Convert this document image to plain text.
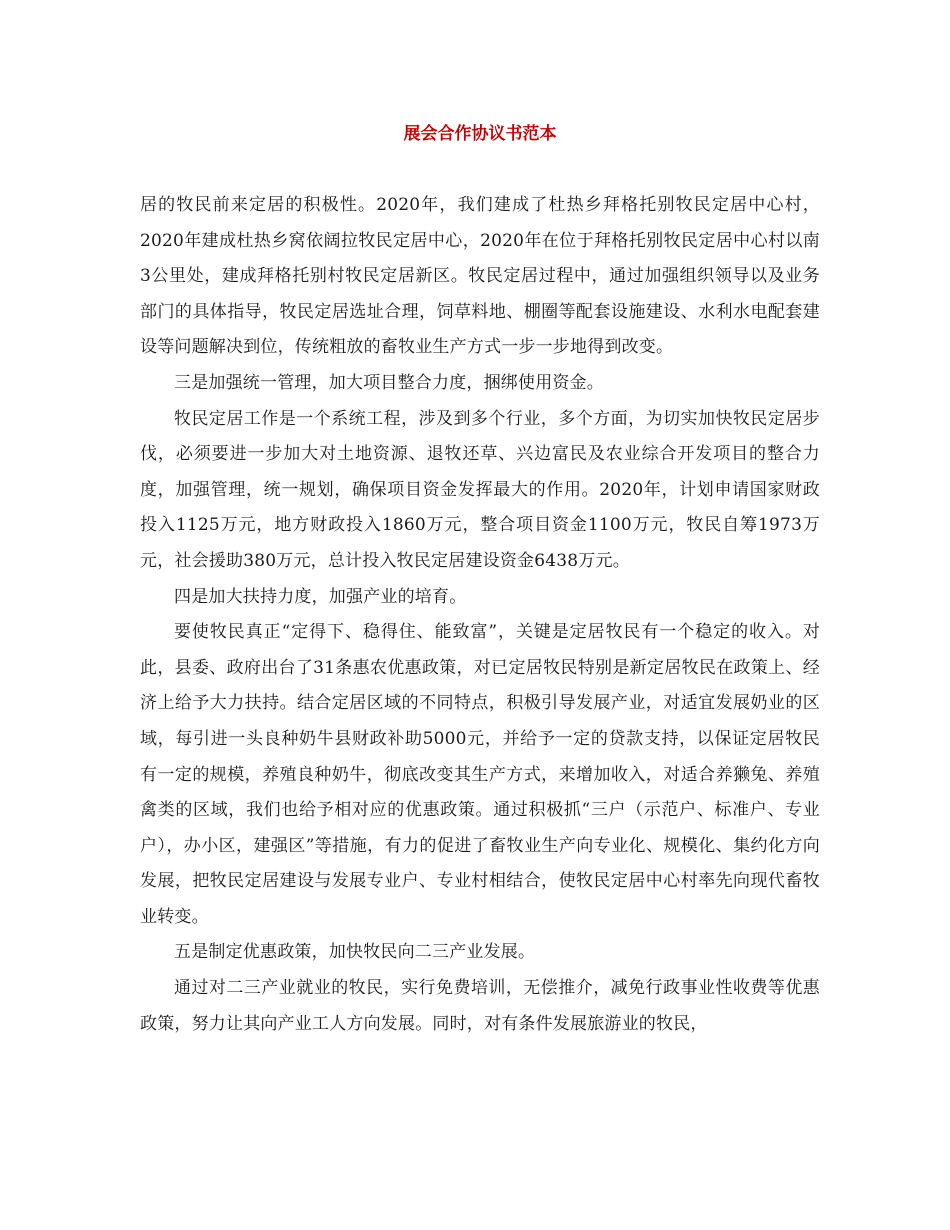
展会合作协议书范本

居的牧民前来定居的积极性。2020年，我们建成了杜热乡拜格托别牧民定居中心村，2020年建成杜热乡窝依阔拉牧民定居中心，2020年在位于拜格托别牧民定居中心村以南3公里处，建成拜格托别村牧民定居新区。牧民定居过程中，通过加强组织领导以及业务部门的具体指导，牧民定居选址合理，饲草料地、棚圈等配套设施建设、水利水电配套建设等问题解决到位，传统粗放的畜牧业生产方式一步一步地得到改变。

三是加强统一管理，加大项目整合力度，捆绑使用资金。

牧民定居工作是一个系统工程，涉及到多个行业，多个方面，为切实加快牧民定居步伐，必须要进一步加大对土地资源、退牧还草、兴边富民及农业综合开发项目的整合力度，加强管理，统一规划，确保项目资金发挥最大的作用。2020年，计划申请国家财政投入1125万元，地方财政投入1860万元，整合项目资金1100万元，牧民自筹1973万元，社会援助380万元，总计投入牧民定居建设资金6438万元。

四是加大扶持力度，加强产业的培育。

要使牧民真正“定得下、稳得住、能致富”，关键是定居牧民有一个稳定的收入。对此，县委、政府出台了31条惠农优惠政策，对已定居牧民特别是新定居牧民在政策上、经济上给予大力扶持。结合定居区域的不同特点，积极引导发展产业，对适宜发展奶业的区域，每引进一头良种奶牛县财政补助5000元，并给予一定的贷款支持，以保证定居牧民有一定的规模，养殖良种奶牛，彻底改变其生产方式，来增加收入，对适合养獭兔、养殖禽类的区域，我们也给予相对应的优惠政策。通过积极抓“三户（示范户、标准户、专业户），办小区，建强区”等措施，有力的促进了畜牧业生产向专业化、规模化、集约化方向发展，把牧民定居建设与发展专业户、专业村相结合，使牧民定居中心村率先向现代畜牧业转变。

五是制定优惠政策，加快牧民向二三产业发展。

通过对二三产业就业的牧民，实行免费培训，无偿推介，减免行政事业性收费等优惠政策，努力让其向产业工人方向发展。同时，对有条件发展旅游业的牧民，
